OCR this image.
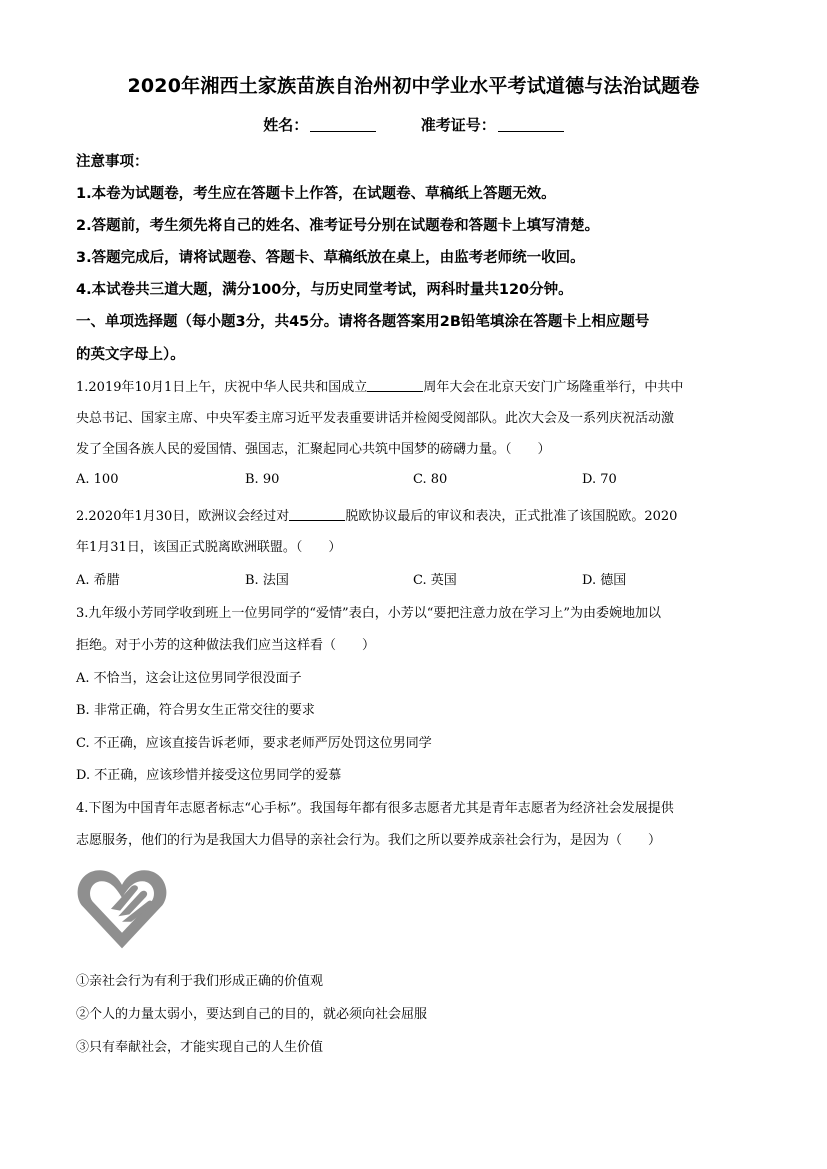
2020年湘西土家族苗族自治州初中学业水平考试道德与法治试题卷
姓名：	准考证号：
注意事项：
1.本卷为试题卷，考生应在答题卡上作答，在试题卷、草稿纸上答题无效。
2.答题前，考生须先将自己的姓名、准考证号分别在试题卷和答题卡上填写清楚。
3.答题完成后，请将试题卷、答题卡、草稿纸放在桌上，由监考老师统一收回。
4.本试卷共三道大题，满分100分，与历史同堂考试，两科时量共120分钟。
一、单项选择题（每小题3分，共45分。请将各题答案用2B铅笔填涂在答题卡上相应题号
的英文字母上）。
1.2019年10月1日上午，庆祝中华人民共和国成立	周年大会在北京天安门广场隆重举行，中共中
央总书记、国家主席、中央军委主席习近平发表重要讲话并检阅受阅部队。此次大会及一系列庆祝活动激
发了全国各族人民的爱国情、强国志，汇聚起同心共筑中国梦的磅礴力量。（　　）
A. 100	B. 90	C. 80	D. 70
2.2020年1月30日，欧洲议会经过对	脱欧协议最后的审议和表决，正式批准了该国脱欧。2020
年1月31日，该国正式脱离欧洲联盟。（　　）
A. 希腊	B. 法国	C. 英国	D. 德国
3.九年级小芳同学收到班上一位男同学的“爱情”表白，小芳以“要把注意力放在学习上”为由委婉地加以
拒绝。对于小芳的这种做法我们应当这样看（　　）
A. 不恰当，这会让这位男同学很没面子
B. 非常正确，符合男女生正常交往的要求
C. 不正确，应该直接告诉老师，要求老师严厉处罚这位男同学
D. 不正确，应该珍惜并接受这位男同学的爱慕
4.下图为中国青年志愿者标志“心手标”。我国每年都有很多志愿者尤其是青年志愿者为经济社会发展提供
志愿服务，他们的行为是我国大力倡导的亲社会行为。我们之所以要养成亲社会行为，是因为（　　）
①亲社会行为有利于我们形成正确的价值观
②个人的力量太弱小，要达到自己的目的，就必须向社会屈服
③只有奉献社会，才能实现自己的人生价值
